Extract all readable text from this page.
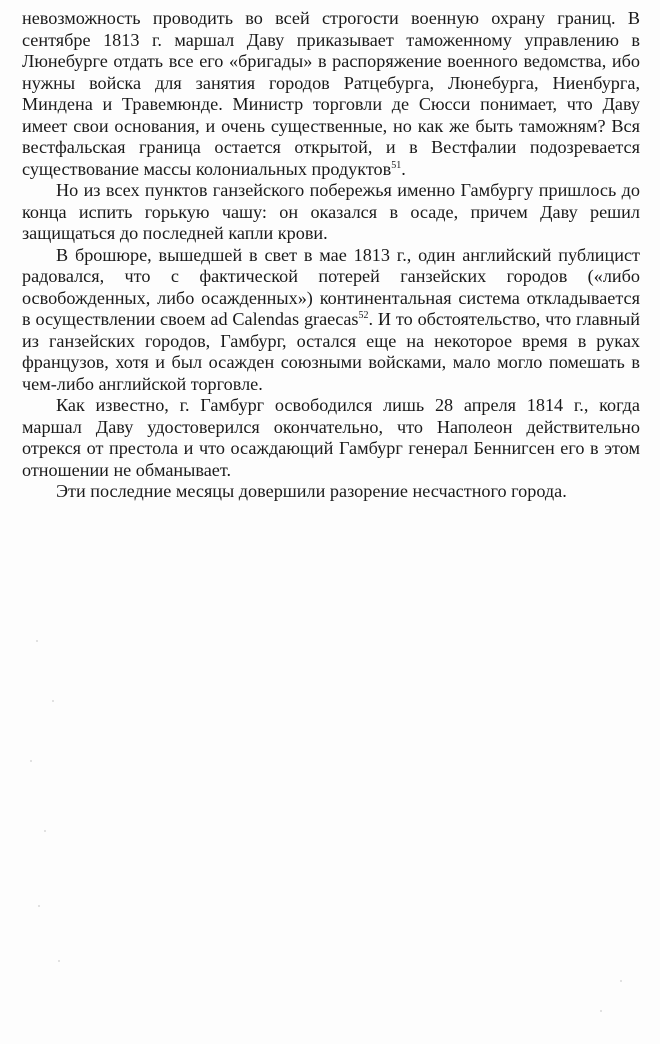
невозможность проводить во всей строгости военную охрану границ. В сентябре 1813 г. маршал Даву приказывает таможенному управлению в Люнебурге отдать все его «бригады» в распоряжение военного ведомства, ибо нужны войска для занятия городов Ратцебурга, Люнебурга, Ниенбурга, Миндена и Травемюнде. Министр торговли де Сюсси понимает, что Даву имеет свои основания, и очень существенные, но как же быть таможням? Вся вестфальская граница остается открытой, и в Вестфалии подозревается существование массы колониальных продуктов$^{51}$.

Но из всех пунктов ганзейского побережья именно Гамбургу пришлось до конца испить горькую чашу: он оказался в осаде, причем Даву решил защищаться до последней капли крови.

В брошюре, вышедшей в свет в мае 1813 г., один английский публицист радовался, что с фактической потерей ганзейских городов («либо освобожденных, либо осажденных») континентальная система откладывается в осуществлении своем ad Calendas graecas$^{52}$. И то обстоятельство, что главный из ганзейских городов, Гамбург, остался еще на некоторое время в руках французов, хотя и был осажден союзными войсками, мало могло помешать в чем-либо английской торговле.

Как известно, г. Гамбург освободился лишь 28 апреля 1814 г., когда маршал Даву удостоверился окончательно, что Наполеон действительно отрекся от престола и что осаждающий Гамбург генерал Беннигсен его в этом отношении не обманывает.

Эти последние месяцы довершили разорение несчастного города.
